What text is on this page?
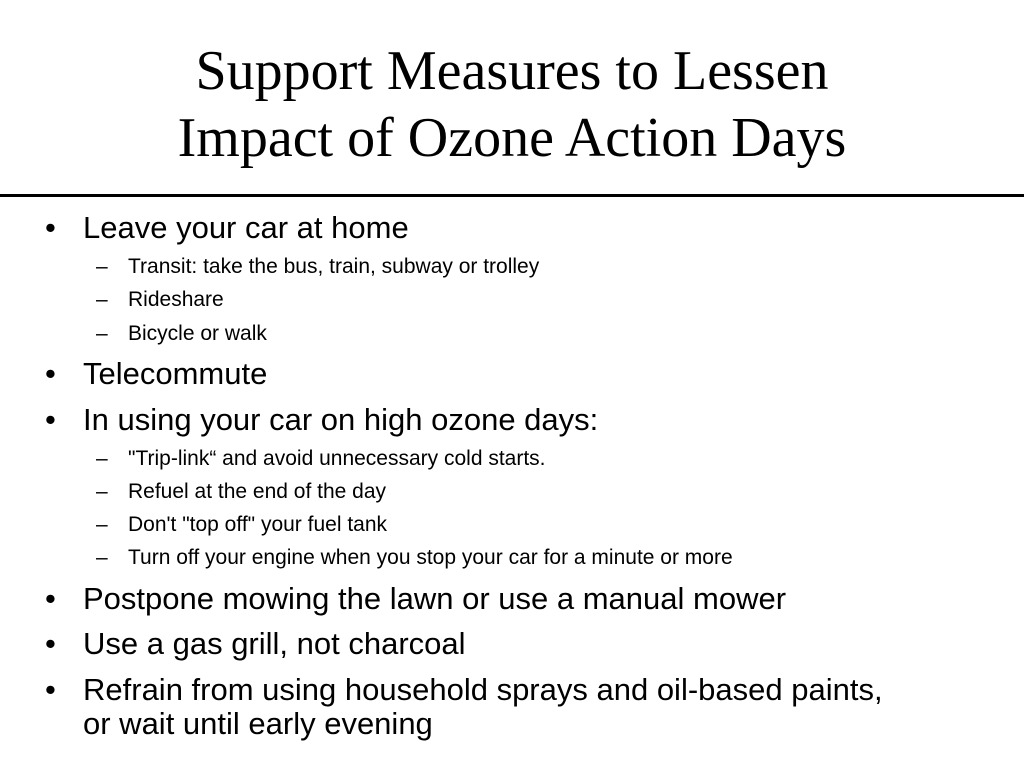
Support Measures to Lessen
Impact of Ozone Action Days
• Leave your car at home
– Transit: take the bus, train, subway or trolley
– Rideshare
– Bicycle or walk
• Telecommute
• In using your car on high ozone days:
– "Trip-link“ and avoid unnecessary cold starts.
– Refuel at the end of the day
– Don't "top off" your fuel tank
– Turn off your engine when you stop your car for a minute or more
• Postpone mowing the lawn or use a manual mower
• Use a gas grill, not charcoal
• Refrain from using household sprays and oil-based paints,
or wait until early evening
